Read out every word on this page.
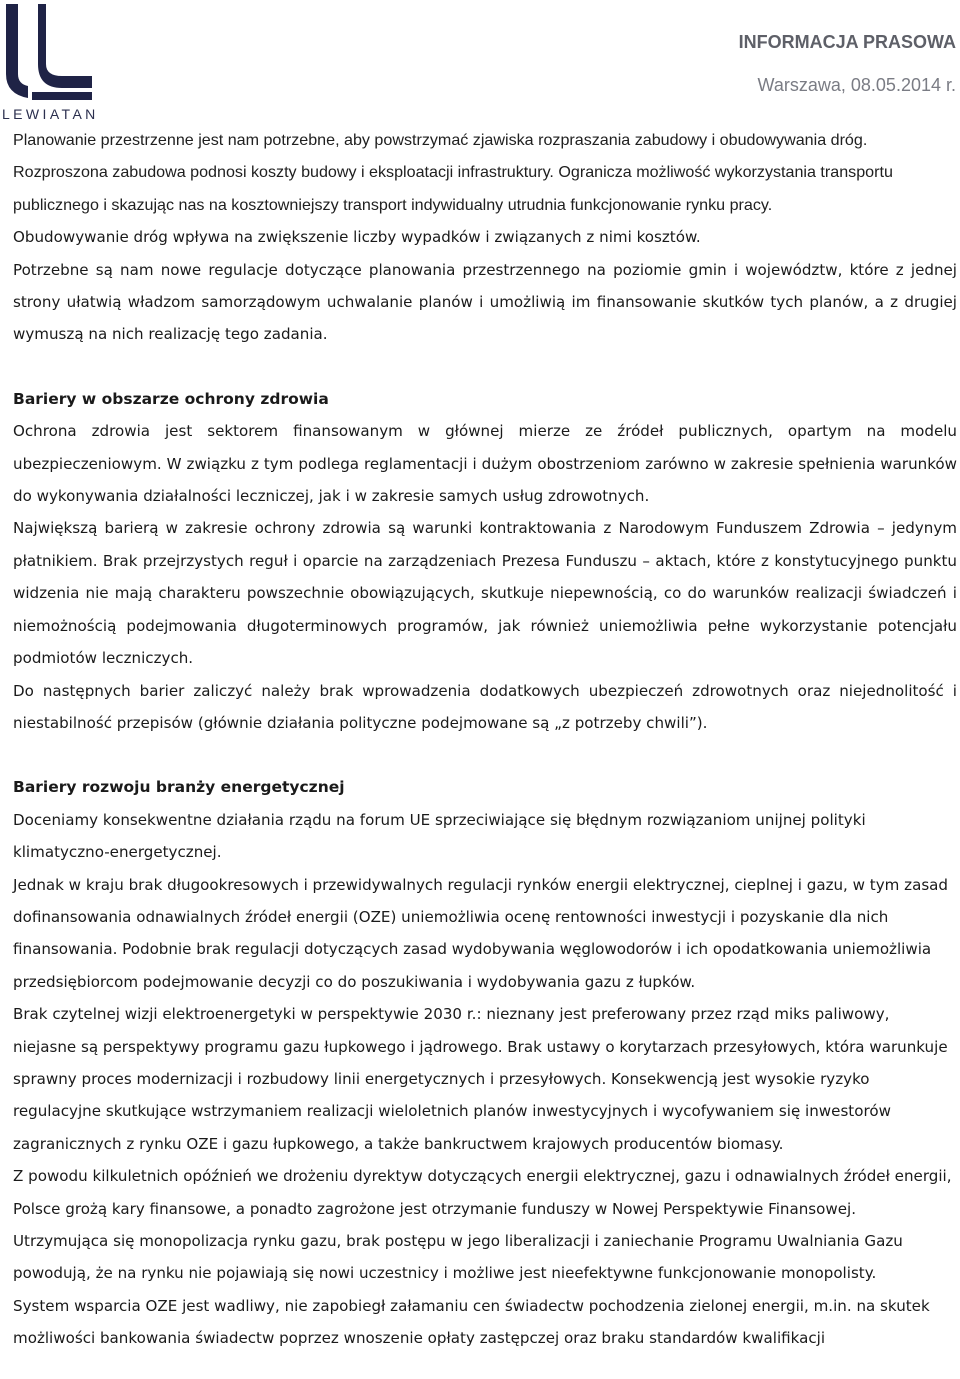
LEWIATAN
INFORMACJA PRASOWA
Warszawa, 08.05.2014 r.

Planowanie przestrzenne jest nam potrzebne, aby powstrzymać zjawiska rozpraszania zabudowy i obudowywania dróg. Rozproszona zabudowa podnosi koszty budowy i eksploatacji infrastruktury. Ogranicza możliwość wykorzystania transportu publicznego i skazując nas na kosztowniejszy transport indywidualny utrudnia funkcjonowanie rynku pracy.

Obudowywanie dróg wpływa na zwiększenie liczby wypadków i związanych z nimi kosztów.

Potrzebne są nam nowe regulacje dotyczące planowania przestrzennego na poziomie gmin i województw, które z jednej strony ułatwią władzom samorządowym uchwalanie planów i umożliwią im finansowanie skutków tych planów, a z drugiej wymuszą na nich realizację tego zadania.

Bariery w obszarze ochrony zdrowia

Ochrona zdrowia jest sektorem finansowanym w głównej mierze ze źródeł publicznych, opartym na modelu ubezpieczeniowym. W związku z tym podlega reglamentacji i dużym obostrzeniom zarówno w zakresie spełnienia warunków do wykonywania działalności leczniczej, jak i w zakresie samych usług zdrowotnych.

Największą barierą w zakresie ochrony zdrowia są warunki kontraktowania z Narodowym Funduszem Zdrowia – jedynym płatnikiem. Brak przejrzystych reguł i oparcie na zarządzeniach Prezesa Funduszu – aktach, które z konstytucyjnego punktu widzenia nie mają charakteru powszechnie obowiązujących, skutkuje niepewnością, co do warunków realizacji świadczeń i niemożnością podejmowania długoterminowych programów, jak również uniemożliwia pełne wykorzystanie potencjału podmiotów leczniczych.

Do następnych barier zaliczyć należy brak wprowadzenia dodatkowych ubezpieczeń zdrowotnych oraz niejednolitość i niestabilność przepisów (głównie działania polityczne podejmowane są „z potrzeby chwili”).

Bariery rozwoju branży energetycznej

Doceniamy konsekwentne działania rządu na forum UE sprzeciwiające się błędnym rozwiązaniom unijnej polityki klimatyczno-energetycznej.

Jednak w kraju brak długookresowych i przewidywalnych regulacji rynków energii elektrycznej, cieplnej i gazu, w tym zasad dofinansowania odnawialnych źródeł energii (OZE) uniemożliwia ocenę rentowności inwestycji i pozyskanie dla nich finansowania. Podobnie brak regulacji dotyczących zasad wydobywania węglowodorów i ich opodatkowania uniemożliwia przedsiębiorcom podejmowanie decyzji co do poszukiwania i wydobywania gazu z łupków.

Brak czytelnej wizji elektroenergetyki w perspektywie 2030 r.: nieznany jest preferowany przez rząd miks paliwowy, niejasne są perspektywy programu gazu łupkowego i jądrowego. Brak ustawy o korytarzach przesyłowych, która warunkuje sprawny proces modernizacji i rozbudowy linii energetycznych i przesyłowych. Konsekwencją jest wysokie ryzyko regulacyjne skutkujące wstrzymaniem realizacji wieloletnich planów inwestycyjnych i wycofywaniem się inwestorów zagranicznych z rynku OZE i gazu łupkowego, a także bankructwem krajowych producentów biomasy.

Z powodu kilkuletnich opóźnień we drożeniu dyrektyw dotyczących energii elektrycznej, gazu i odnawialnych źródeł energii, Polsce grożą kary finansowe, a ponadto zagrożone jest otrzymanie funduszy w Nowej Perspektywie Finansowej.

Utrzymująca się monopolizacja rynku gazu, brak postępu w jego liberalizacji i zaniechanie Programu Uwalniania Gazu powodują, że na rynku nie pojawiają się nowi uczestnicy i możliwe jest nieefektywne funkcjonowanie monopolisty.

System wsparcia OZE jest wadliwy, nie zapobiegł załamaniu cen świadectw pochodzenia zielonej energii, m.in. na skutek możliwości bankowania świadectw poprzez wnoszenie opłaty zastępczej oraz braku standardów kwalifikacji
